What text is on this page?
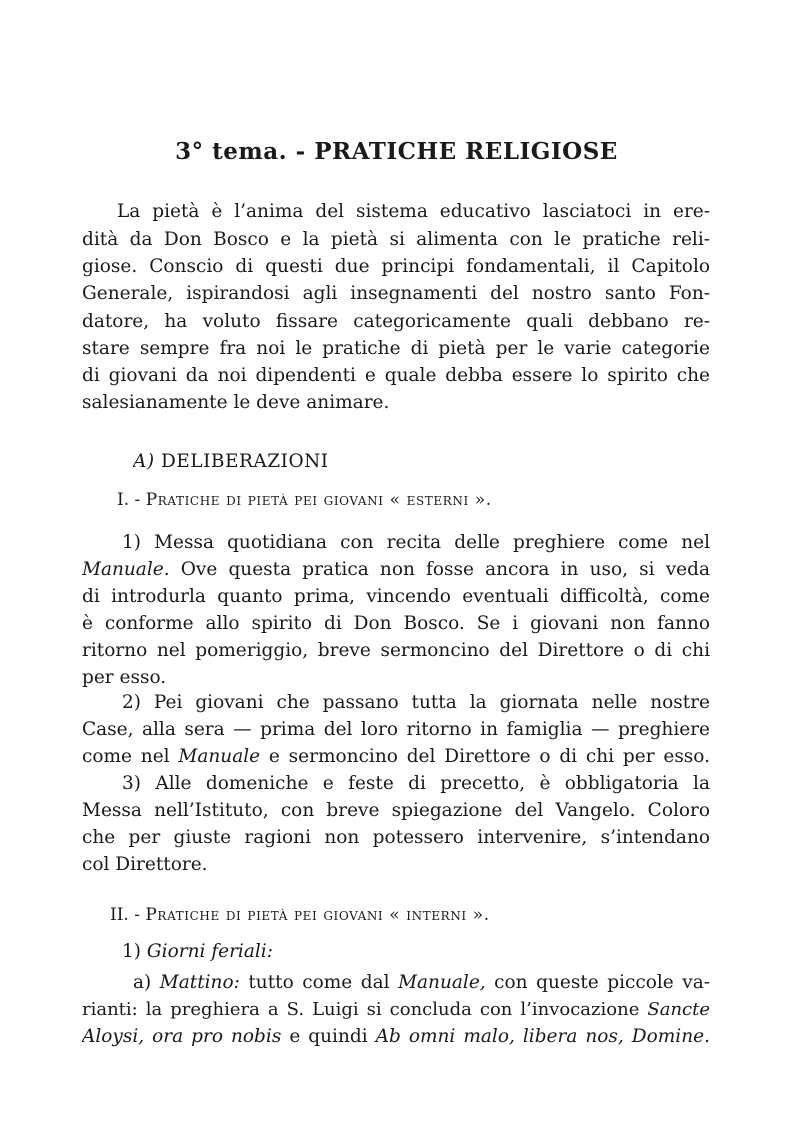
3° tema. - PRATICHE RELIGIOSE
La pietà è l’anima del sistema educativo lasciatoci in ere-
dità da Don Bosco e la pietà si alimenta con le pratiche reli-
giose. Conscio di questi due principi fondamentali, il Capitolo
Generale, ispirandosi agli insegnamenti del nostro santo Fon-
datore, ha voluto fissare categoricamente quali debbano re-
stare sempre fra noi le pratiche di pietà per le varie categorie
di giovani da noi dipendenti e quale debba essere lo spirito che
salesianamente le deve animare.
A) DELIBERAZIONI
I. - Pratiche di pietà pei giovani « esterni ».
1) Messa quotidiana con recita delle preghiere come nel
Manuale. Ove questa pratica non fosse ancora in uso, si veda
di introdurla quanto prima, vincendo eventuali difficoltà, come
è conforme allo spirito di Don Bosco. Se i giovani non fanno
ritorno nel pomeriggio, breve sermoncino del Direttore o di chi
per esso.
2) Pei giovani che passano tutta la giornata nelle nostre
Case, alla sera — prima del loro ritorno in famiglia — preghiere
come nel Manuale e sermoncino del Direttore o di chi per esso.
3) Alle domeniche e feste di precetto, è obbligatoria la
Messa nell’Istituto, con breve spiegazione del Vangelo. Coloro
che per giuste ragioni non potessero intervenire, s’intendano
col Direttore.
II. - Pratiche di pietà pei giovani « interni ».
1) Giorni feriali:
a) Mattino: tutto come dal Manuale, con queste piccole va-
rianti: la preghiera a S. Luigi si concluda con l’invocazione Sancte
Aloysi, ora pro nobis e quindi Ab omni malo, libera nos, Domine.
